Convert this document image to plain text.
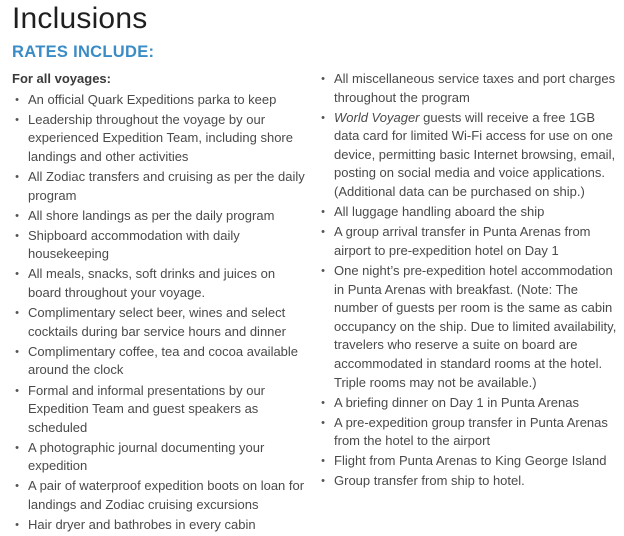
Inclusions
RATES INCLUDE:

For all voyages:

• An official Quark Expeditions parka to keep
• Leadership throughout the voyage by our experienced Expedition Team, including shore landings and other activities
• All Zodiac transfers and cruising as per the daily program
• All shore landings as per the daily program
• Shipboard accommodation with daily housekeeping
• All meals, snacks, soft drinks and juices on board throughout your voyage.
• Complimentary select beer, wines and select cocktails during bar service hours and dinner
• Complimentary coffee, tea and cocoa available around the clock
• Formal and informal presentations by our Expedition Team and guest speakers as scheduled
• A photographic journal documenting your expedition
• A pair of waterproof expedition boots on loan for landings and Zodiac cruising excursions
• Hair dryer and bathrobes in every cabin
• All miscellaneous service taxes and port charges throughout the program
• World Voyager guests will receive a free 1GB data card for limited Wi-Fi access for use on one device, permitting basic Internet browsing, email, posting on social media and voice applications. (Additional data can be purchased on ship.)
• All luggage handling aboard the ship
• A group arrival transfer in Punta Arenas from airport to pre-expedition hotel on Day 1
• One night’s pre-expedition hotel accommodation in Punta Arenas with breakfast. (Note: The number of guests per room is the same as cabin occupancy on the ship. Due to limited availability, travelers who reserve a suite on board are accommodated in standard rooms at the hotel. Triple rooms may not be available.)
• A briefing dinner on Day 1 in Punta Arenas
• A pre-expedition group transfer in Punta Arenas from the hotel to the airport
• Flight from Punta Arenas to King George Island
• Group transfer from ship to hotel.
